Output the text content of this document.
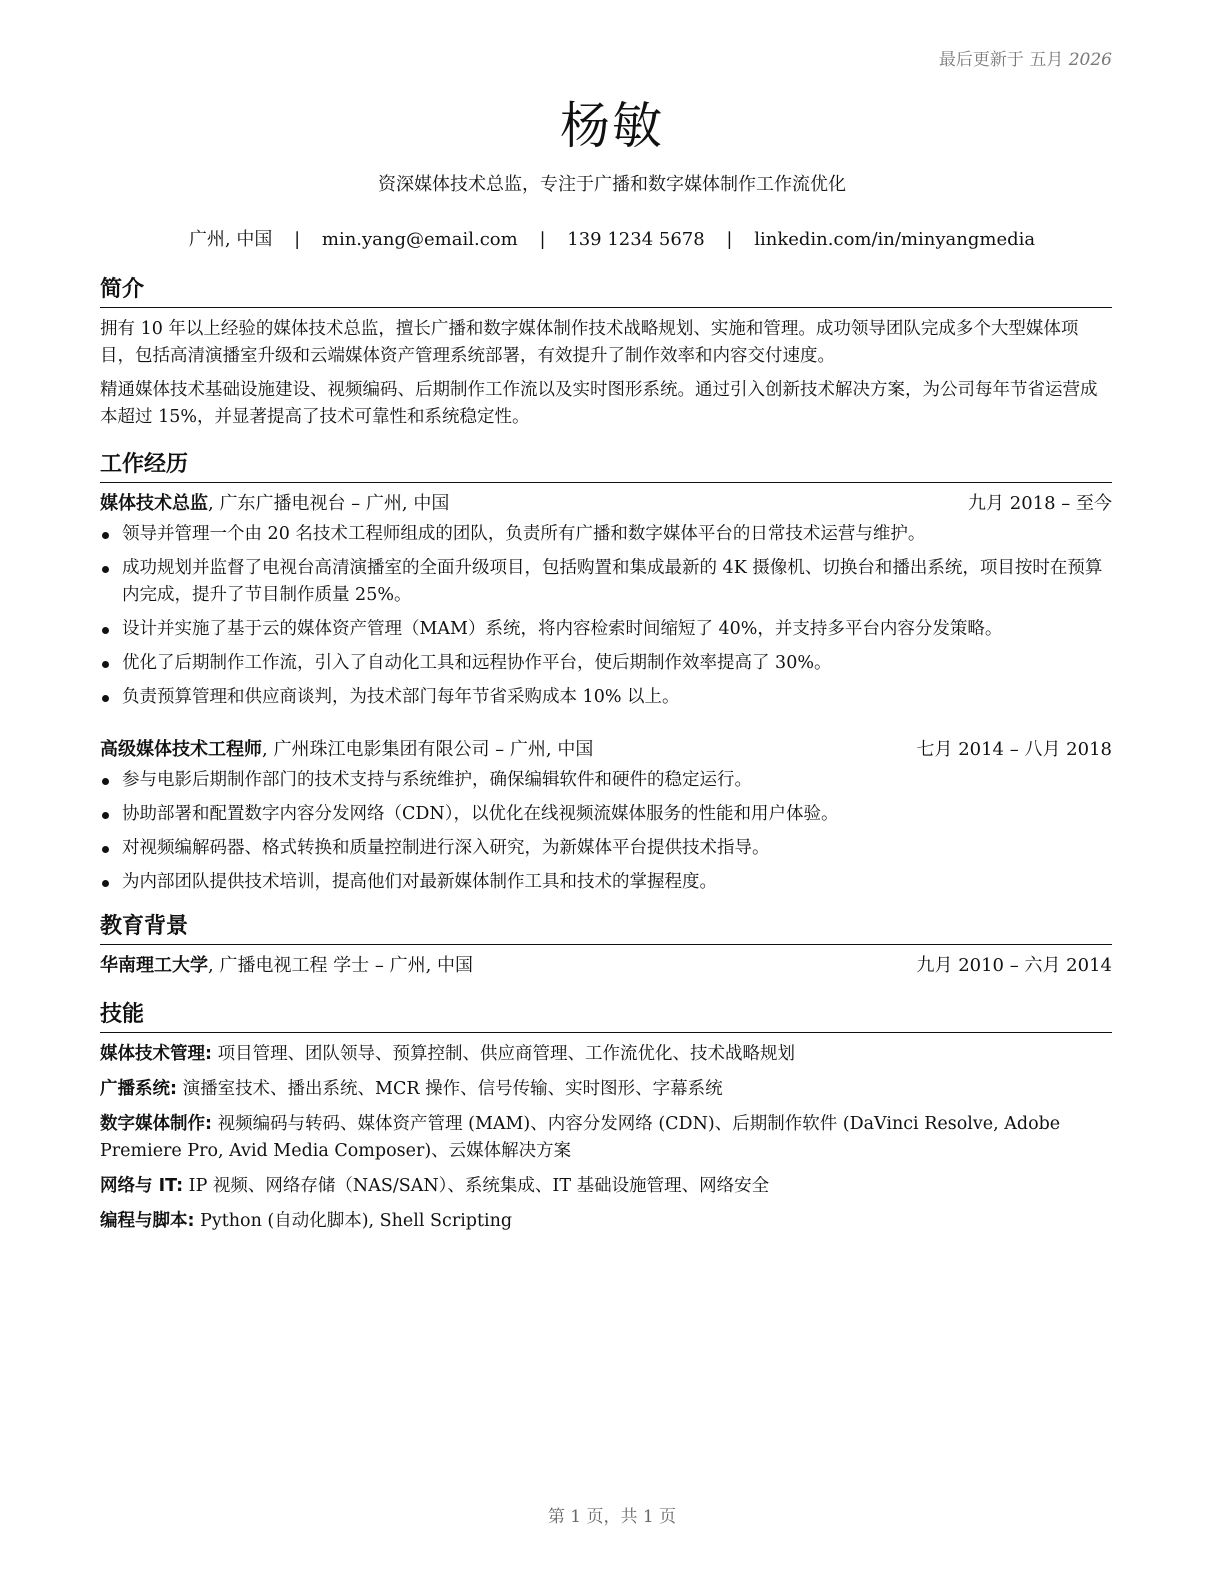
最后更新于 五月 2026
杨敏
资深媒体技术总监，专注于广播和数字媒体制作工作流优化
广州, 中国 | min.yang@email.com | 139 1234 5678 | linkedin.com/in/minyangmedia
简介

拥有 10 年以上经验的媒体技术总监，擅长广播和数字媒体制作技术战略规划、实施和管理。成功领导团队完成多个大型媒体项目，包括高清演播室升级和云端媒体资产管理系统部署，有效提升了制作效率和内容交付速度。

精通媒体技术基础设施建设、视频编码、后期制作工作流以及实时图形系统。通过引入创新技术解决方案，为公司每年节省运营成本超过 15%，并显著提高了技术可靠性和系统稳定性。

工作经历
媒体技术总监, 广东广播电视台 – 广州, 中国	九月 2018 – 至今
领导并管理一个由 20 名技术工程师组成的团队，负责所有广播和数字媒体平台的日常技术运营与维护。
成功规划并监督了电视台高清演播室的全面升级项目，包括购置和集成最新的 4K 摄像机、切换台和播出系统，项目按时在预算内完成，提升了节目制作质量 25%。
设计并实施了基于云的媒体资产管理（MAM）系统，将内容检索时间缩短了 40%，并支持多平台内容分发策略。
优化了后期制作工作流，引入了自动化工具和远程协作平台，使后期制作效率提高了 30%。
负责预算管理和供应商谈判，为技术部门每年节省采购成本 10% 以上。
高级媒体技术工程师, 广州珠江电影集团有限公司 – 广州, 中国	七月 2014 – 八月 2018
参与电影后期制作部门的技术支持与系统维护，确保编辑软件和硬件的稳定运行。
协助部署和配置数字内容分发网络（CDN），以优化在线视频流媒体服务的性能和用户体验。
对视频编解码器、格式转换和质量控制进行深入研究，为新媒体平台提供技术指导。
为内部团队提供技术培训，提高他们对最新媒体制作工具和技术的掌握程度。
教育背景
华南理工大学, 广播电视工程 学士 – 广州, 中国	九月 2010 – 六月 2014
技能

媒体技术管理: 项目管理、团队领导、预算控制、供应商管理、工作流优化、技术战略规划

广播系统: 演播室技术、播出系统、MCR 操作、信号传输、实时图形、字幕系统

数字媒体制作: 视频编码与转码、媒体资产管理 (MAM)、内容分发网络 (CDN)、后期制作软件 (DaVinci Resolve, Adobe Premiere Pro, Avid Media Composer)、云媒体解决方案

网络与 IT: IP 视频、网络存储（NAS/SAN）、系统集成、IT 基础设施管理、网络安全

编程与脚本: Python (自动化脚本), Shell Scripting

第 1 页，共 1 页
